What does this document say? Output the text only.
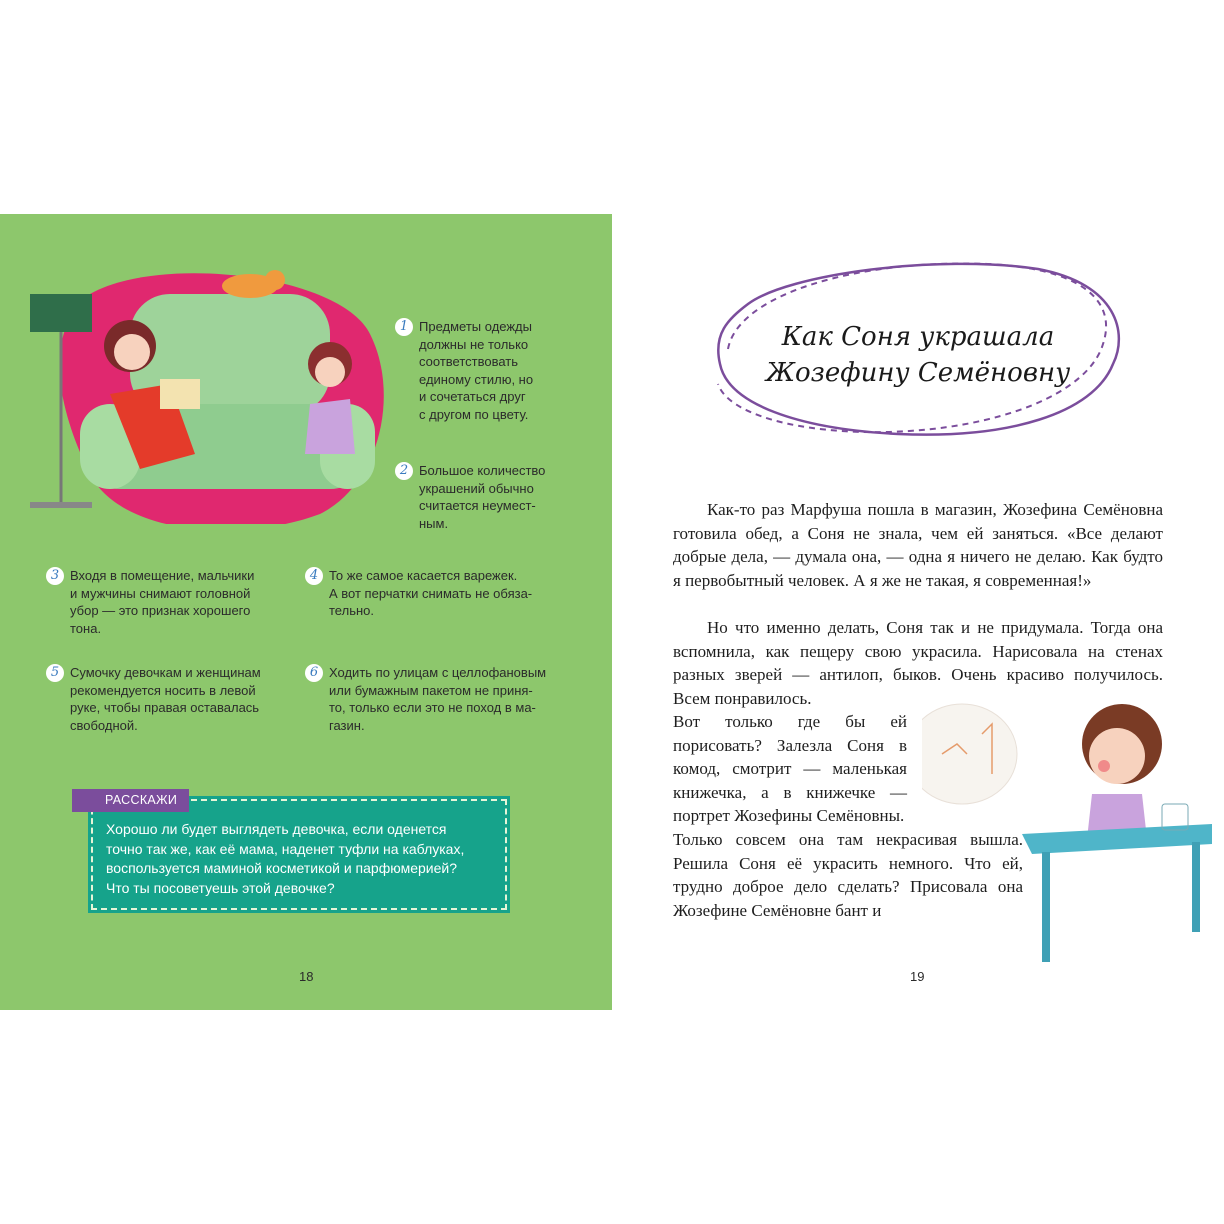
1 Предметы одежды
должны не только
соответствовать
единому стилю, но
и сочетаться друг
с другом по цвету.
2 Большое количество
украшений обычно
считается неумест-
ным.
3 Входя в помещение, мальчики
и мужчины снимают головной
убор — это признак хорошего
тона.
4 То же самое касается варежек.
А вот перчатки снимать не обяза-
тельно.
5 Сумочку девочкам и женщинам
рекомендуется носить в левой
руке, чтобы правая оставалась
свободной.
6 Ходить по улицам с целлофановым
или бумажным пакетом не приня-
то, только если это не поход в ма-
газин.
Хорошо ли будет выглядеть девочка, если оденется
точно так же, как её мама, наденет туфли на каблуках,
воспользуется маминой косметикой и парфюмерией?
Что ты посоветуешь этой девочке?
РАССКАЖИ
18
Как Соня украшала
Жозефину Семёновну

Как-то раз Марфуша пошла в магазин, Жозефина Семёновна готовила обед, а Соня не знала, чем ей заняться. «Все делают добрые дела, — думала она, — одна я ничего не делаю. Как будто я первобытный человек. А я же не такая, я современная!»

Но что именно делать, Соня так и не придумала. Тогда она вспомнила, как пещеру свою украсила. Нарисовала на стенах разных зверей — антилоп, быков. Очень красиво получилось. Всем понравилось.

Вот только где бы ей порисовать? Залезла Соня в комод, смотрит — маленькая книжечка, а в книжечке — портрет Жозефины Семёновны.

Только совсем она там некрасивая вышла. Решила Соня её украсить немного. Что ей, трудно доброе дело сделать? Присовала она Жозефине Семёновне бант и

19
